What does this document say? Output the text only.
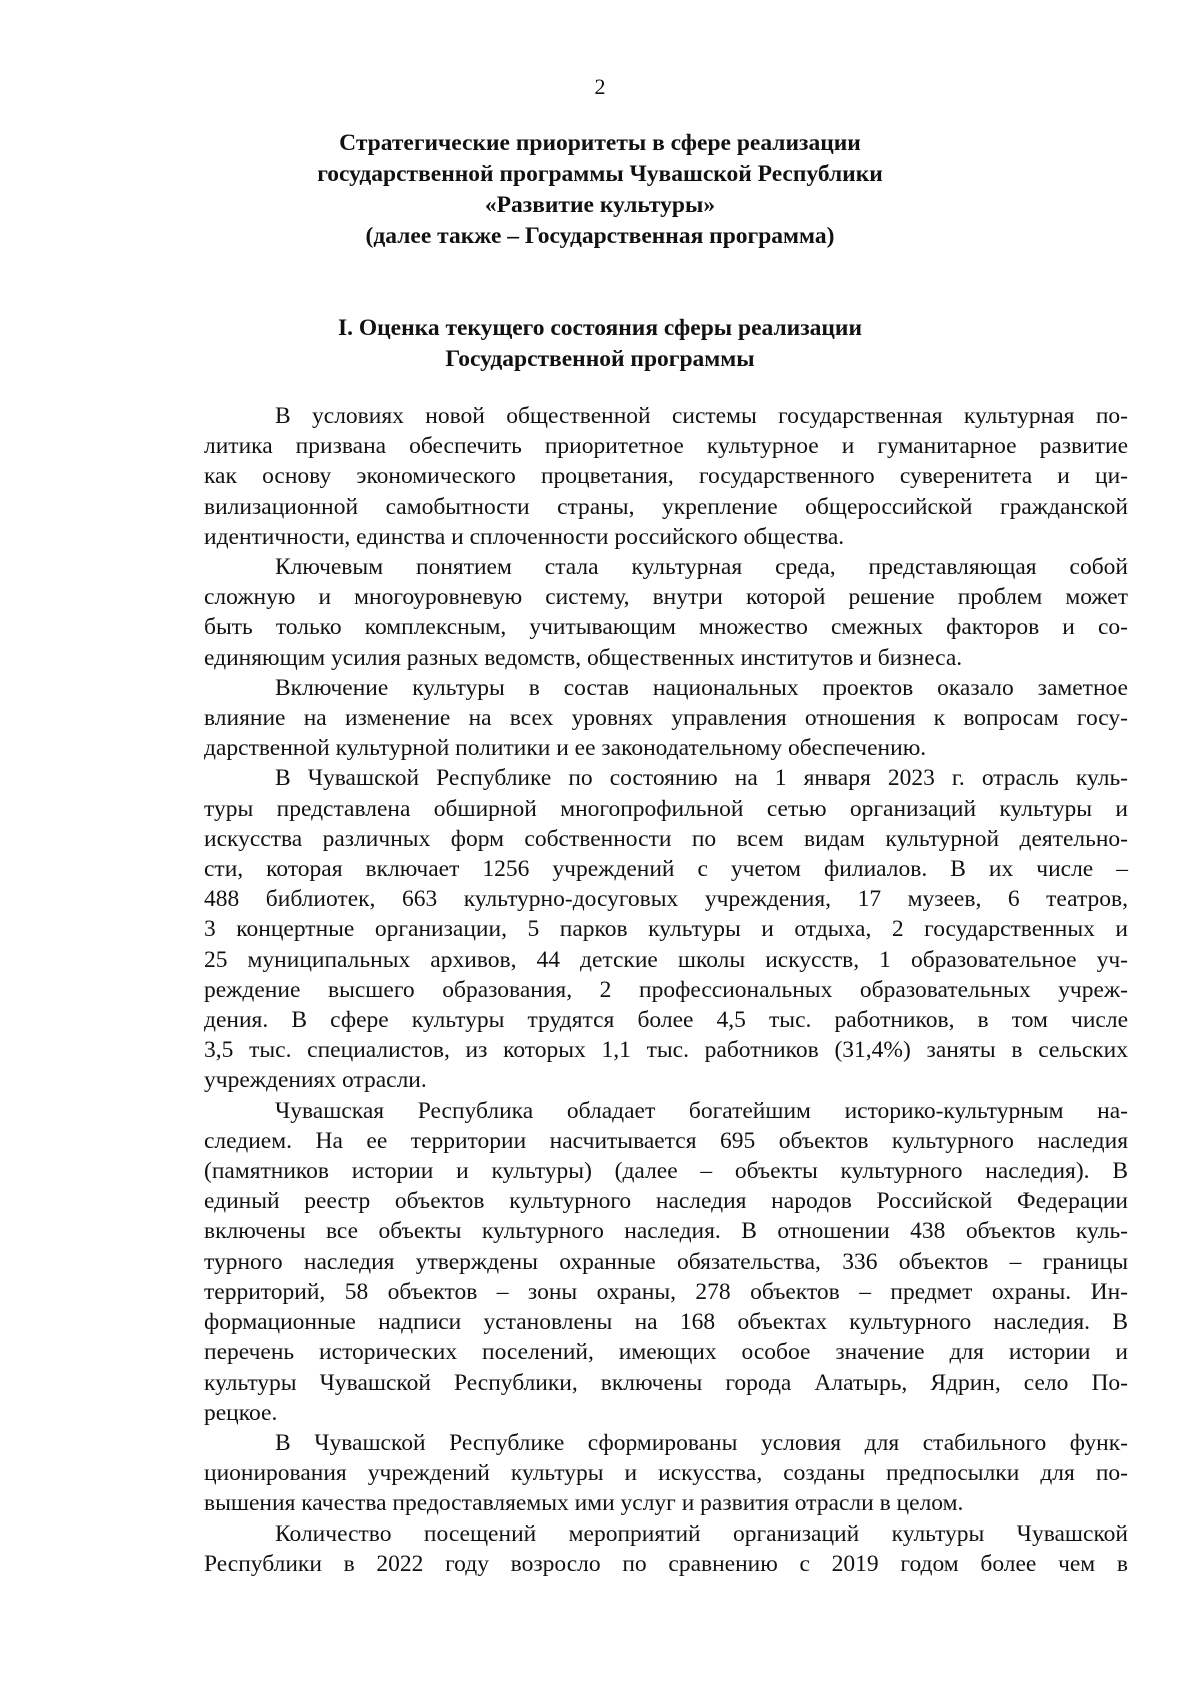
2
Стратегические приоритеты в сфере реализации
государственной программы Чувашской Республики
«Развитие культуры»
(далее также – Государственная программа)
I. Оценка текущего состояния сферы реализации
Государственной программы
В условиях новой общественной системы государственная культурная по-
литика призвана обеспечить приоритетное культурное и гуманитарное развитие
как основу экономического процветания, государственного суверенитета и ци-
вилизационной самобытности страны, укрепление общероссийской гражданской
идентичности, единства и сплоченности российского общества.
Ключевым понятием стала культурная среда, представляющая собой
сложную и многоуровневую систему, внутри которой решение проблем может
быть только комплексным, учитывающим множество смежных факторов и со-
единяющим усилия разных ведомств, общественных институтов и бизнеса.
Включение культуры в состав национальных проектов оказало заметное
влияние на изменение на всех уровнях управления отношения к вопросам госу-
дарственной культурной политики и ее законодательному обеспечению.
В Чувашской Республике по состоянию на 1 января 2023 г. отрасль куль-
туры представлена обширной многопрофильной сетью организаций культуры и
искусства различных форм собственности по всем видам культурной деятельно-
сти, которая включает 1256 учреждений с учетом филиалов. В их числе –
488 библиотек, 663 культурно-досуговых учреждения, 17 музеев, 6 театров,
3 концертные организации, 5 парков культуры и отдыха, 2 государственных и
25 муниципальных архивов, 44 детские школы искусств, 1 образовательное уч-
реждение высшего образования, 2 профессиональных образовательных учреж-
дения. В сфере культуры трудятся более 4,5 тыс. работников, в том числе
3,5 тыс. специалистов, из которых 1,1 тыс. работников (31,4%) заняты в сельских
учреждениях отрасли.
Чувашская Республика обладает богатейшим историко-культурным на-
следием. На ее территории насчитывается 695 объектов культурного наследия
(памятников истории и культуры) (далее – объекты культурного наследия). В
единый реестр объектов культурного наследия народов Российской Федерации
включены все объекты культурного наследия. В отношении 438 объектов куль-
турного наследия утверждены охранные обязательства, 336 объектов – границы
территорий, 58 объектов – зоны охраны, 278 объектов – предмет охраны. Ин-
формационные надписи установлены на 168 объектах культурного наследия. В
перечень исторических поселений, имеющих особое значение для истории и
культуры Чувашской Республики, включены города Алатырь, Ядрин, село По-
рецкое.
В Чувашской Республике сформированы условия для стабильного функ-
ционирования учреждений культуры и искусства, созданы предпосылки для по-
вышения качества предоставляемых ими услуг и развития отрасли в целом.
Количество посещений мероприятий организаций культуры Чувашской
Республики в 2022 году возросло по сравнению с 2019 годом более чем в
